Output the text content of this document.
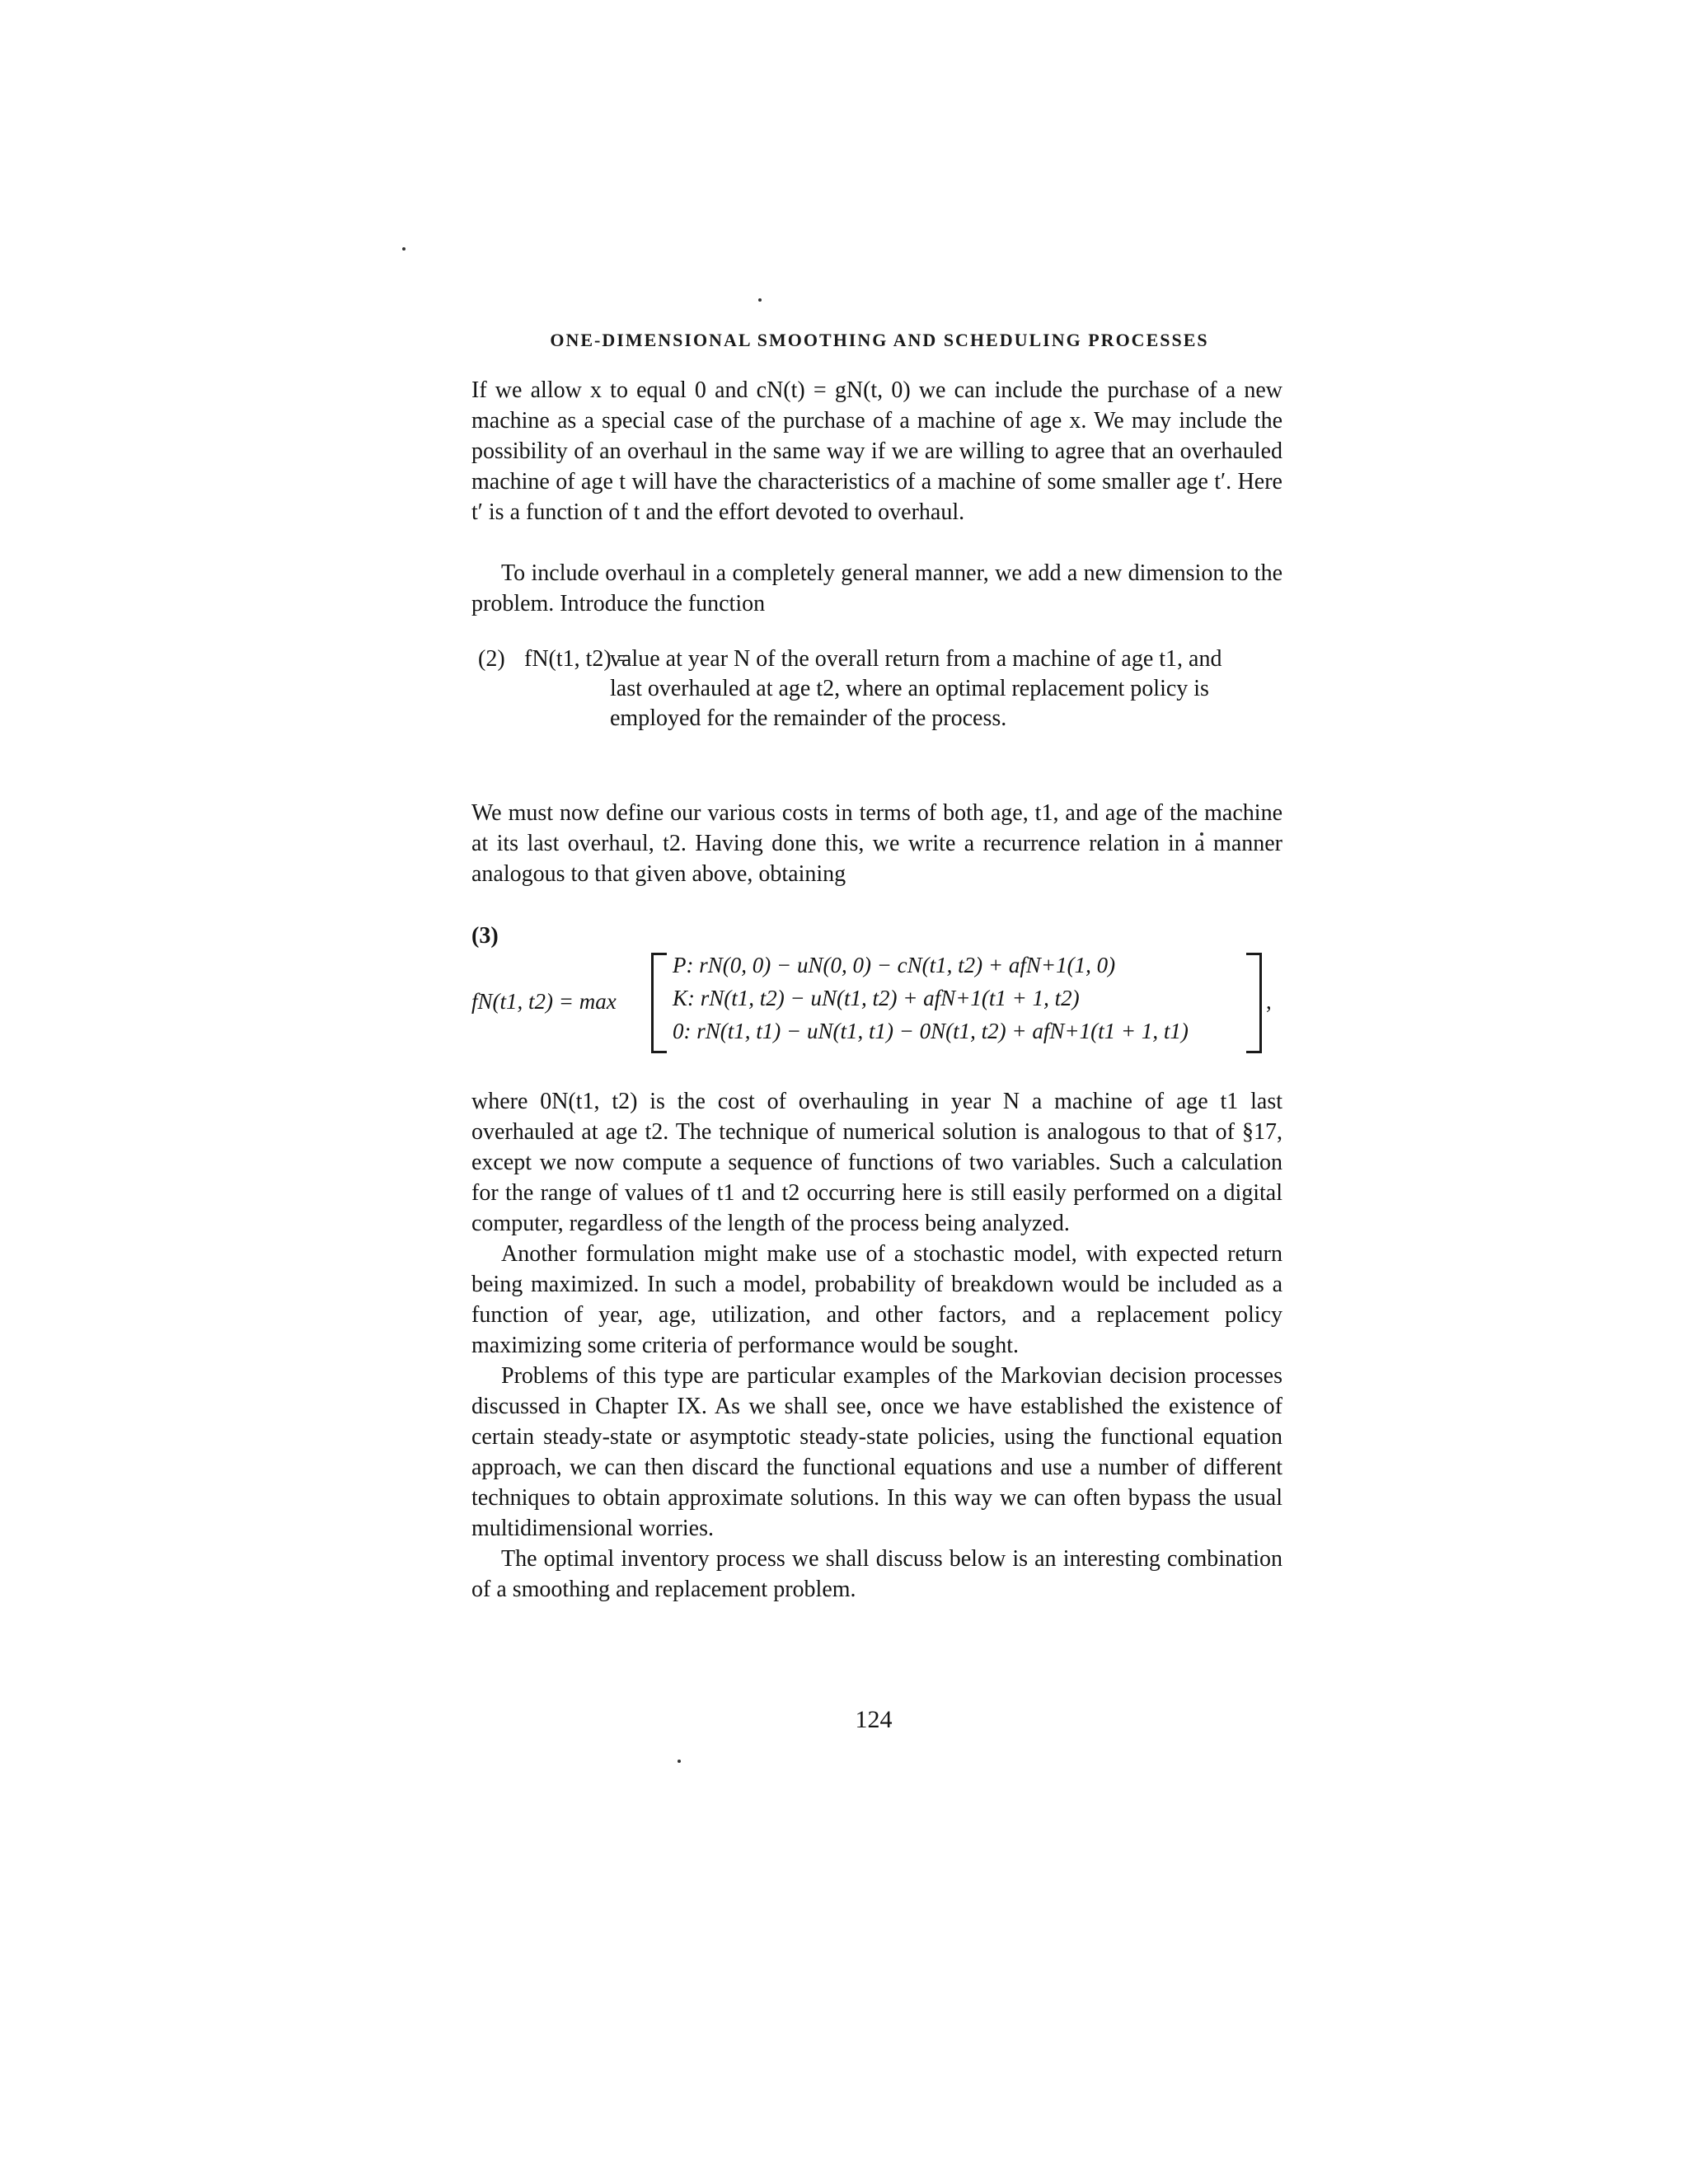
ONE-DIMENSIONAL SMOOTHING AND SCHEDULING PROCESSES

If we allow x to equal 0 and cN(t) = gN(t, 0) we can include the purchase of a new machine as a special case of the purchase of a machine of age x. We may include the possibility of an overhaul in the same way if we are willing to agree that an overhauled machine of age t will have the characteristics of a machine of some smaller age t′. Here t′ is a function of t and the effort devoted to overhaul.

To include overhaul in a completely general manner, we add a new dimension to the problem. Introduce the function

(2) fN(t1, t2) =
value at year N of the overall return from a machine of age t1, and last overhauled at age t2, where an optimal replacement policy is employed for the remainder of the process.

We must now define our various costs in terms of both age, t1, and age of the machine at its last overhaul, t2. Having done this, we write a recurrence relation in a manner analogous to that given above, obtaining

(3)
fN(t1, t2) = max
P: rN(0, 0) − uN(0, 0) − cN(t1, t2) + afN+1(1, 0)
K: rN(t1, t2) − uN(t1, t2) + afN+1(t1 + 1, t2)
0: rN(t1, t1) − uN(t1, t1) − 0N(t1, t2) + afN+1(t1 + 1, t1)
,

where 0N(t1, t2) is the cost of overhauling in year N a machine of age t1 last overhauled at age t2. The technique of numerical solution is analogous to that of §17, except we now compute a sequence of functions of two variables. Such a calculation for the range of values of t1 and t2 occurring here is still easily performed on a digital computer, regardless of the length of the process being analyzed.

Another formulation might make use of a stochastic model, with expected return being maximized. In such a model, probability of breakdown would be included as a function of year, age, utilization, and other factors, and a replacement policy maximizing some criteria of performance would be sought.

Problems of this type are particular examples of the Markovian decision processes discussed in Chapter IX. As we shall see, once we have established the existence of certain steady-state or asymptotic steady-state policies, using the functional equation approach, we can then discard the functional equations and use a number of different techniques to obtain approximate solutions. In this way we can often bypass the usual multidimensional worries.

The optimal inventory process we shall discuss below is an interesting combination of a smoothing and replacement problem.

124
